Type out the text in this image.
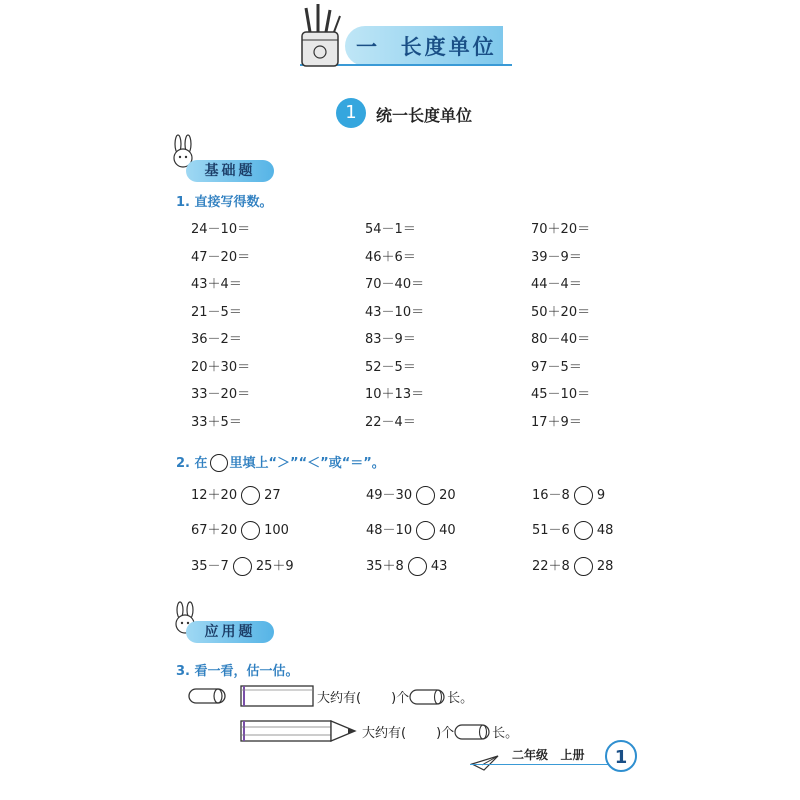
一  长度单位
1	统一长度单位
基础题
1. 直接写得数。
24－10＝	54－1＝	70＋20＝
47－20＝	46＋6＝	39－9＝
43＋4＝	70－40＝	44－4＝
21－5＝	43－10＝	50＋20＝
36－2＝	83－9＝	80－40＝
20＋30＝	52－5＝	97－5＝
33－20＝	10＋13＝	45－10＝
33＋5＝	22－4＝	17＋9＝
2. 在 里填上“＞”“＜”或“＝”。
12＋20 27	49－30 20	16－8 9
67＋20 100	48－10 40	51－6 48
35－7 25＋9	35＋8 43	22＋8 28
应用题
3. 看一看，估一估。
大约有( )个	长。
大约有( )个	长。
二年级   上册	1
